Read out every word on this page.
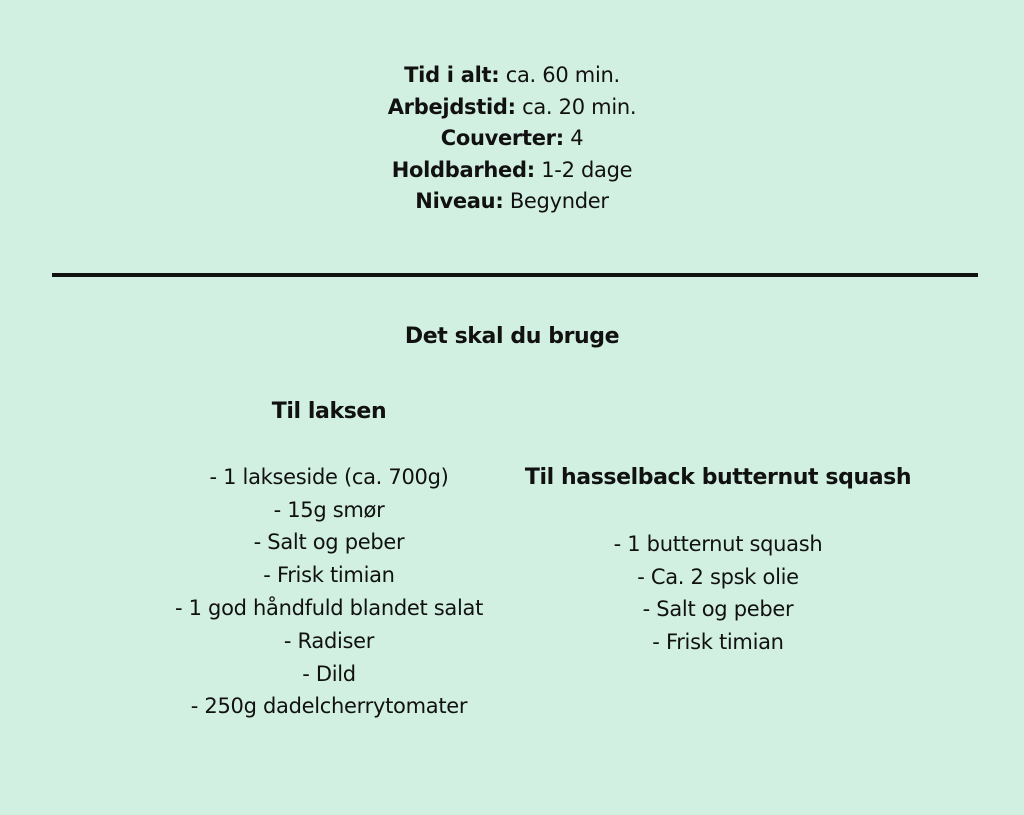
Tid i alt: ca. 60 min.
Arbejdstid: ca. 20 min.
Couverter: 4
Holdbarhed: 1-2 dage
Niveau: Begynder
Det skal du bruge
Til laksen
- 1 lakseside (ca. 700g)
- 15g smør
- Salt og peber
- Frisk timian
- 1 god håndfuld blandet salat
- Radiser
- Dild
- 250g dadelcherrytomater
Til hasselback butternut squash
- 1 butternut squash
- Ca. 2 spsk olie
- Salt og peber
- Frisk timian
